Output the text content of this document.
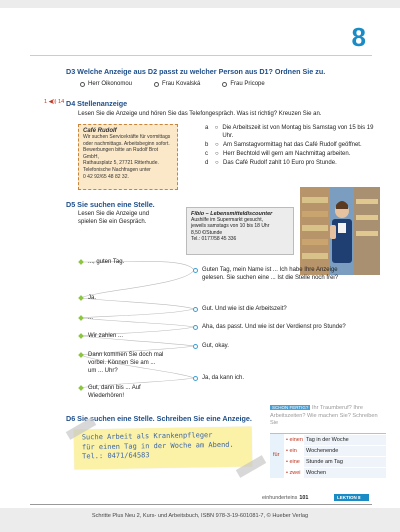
8
D3 Welche Anzeige aus D2 passt zu welcher Person aus D1? Ordnen Sie zu.
Herr Oikonomou	Frau Kovalská	Frau Pricope
1 ◀)) 14 D4 Stellenanzeige
Lesen Sie die Anzeige und hören Sie das Telefongespräch. Was ist richtig? Kreuzen Sie an.
Café Rudolf
Wir suchen Servicekräfte für vormittags
oder nachmittags. Arbeitsbeginn sofort.
Bewerbungen bitte an Rudolf Brot GmbH,
Rathausplatz 5, 27721 Ritterhude.
Telefonische Nachfragen unter
0 42 92/65 48 82 32.
a	○ Die Arbeitszeit ist von Montag bis Samstag von 15 bis 19 Uhr.
b	○ Am Samstagvormittag hat das Café Rudolf geöffnet.
c	○ Herr Bechtold will gern am Nachmittag arbeiten.
d	○ Das Café Rudolf zahlt 10 Euro pro Stunde.
D5 Sie suchen eine Stelle.
Lesen Sie die Anzeige und spielen Sie ein Gespräch.
Fibio – Lebensmitteldiscounter
Aushilfe im Supermarkt gesucht,
jeweils samstags von 10 bis 18 Uhr
8,50 €/Stunde
Tel.: 0177/58 45 336
..., guten Tag.
Guten Tag, mein Name ist ... Ich habe Ihre Anzeige gelesen. Sie suchen eine ... Ist die Stelle noch frei?
Ja.
Gut. Und wie ist die Arbeitszeit?
...
Aha, das passt. Und wie ist der Verdienst pro Stunde?
Wir zahlen ...
Gut, okay.
Dann kommen Sie doch mal vorbei. Können Sie am ... um ... Uhr?
Ja, da kann ich.
Gut, dann bis ... Auf Wiederhören!
D6 Sie suchen eine Stelle. Schreiben Sie eine Anzeige.
Suche Arbeit als Krankenpfleger
für einen Tag in der Woche am Abend.
Tel.: 0471/64583
SCHON FERTIG? Ihr Traumberuf? Ihre Arbeitszeiten? Wie machen Sie? Schreiben Sie
für
• einen Tag in der Woche
• ein	Wochenende
• eine	Stunde am Tag
• zwei	Wochen
einhunderteins 101	LEKTION 8
Schritte Plus Neu 2, Kurs- und Arbeitsbuch, ISBN 978-3-19-601081-7, © Hueber Verlag
